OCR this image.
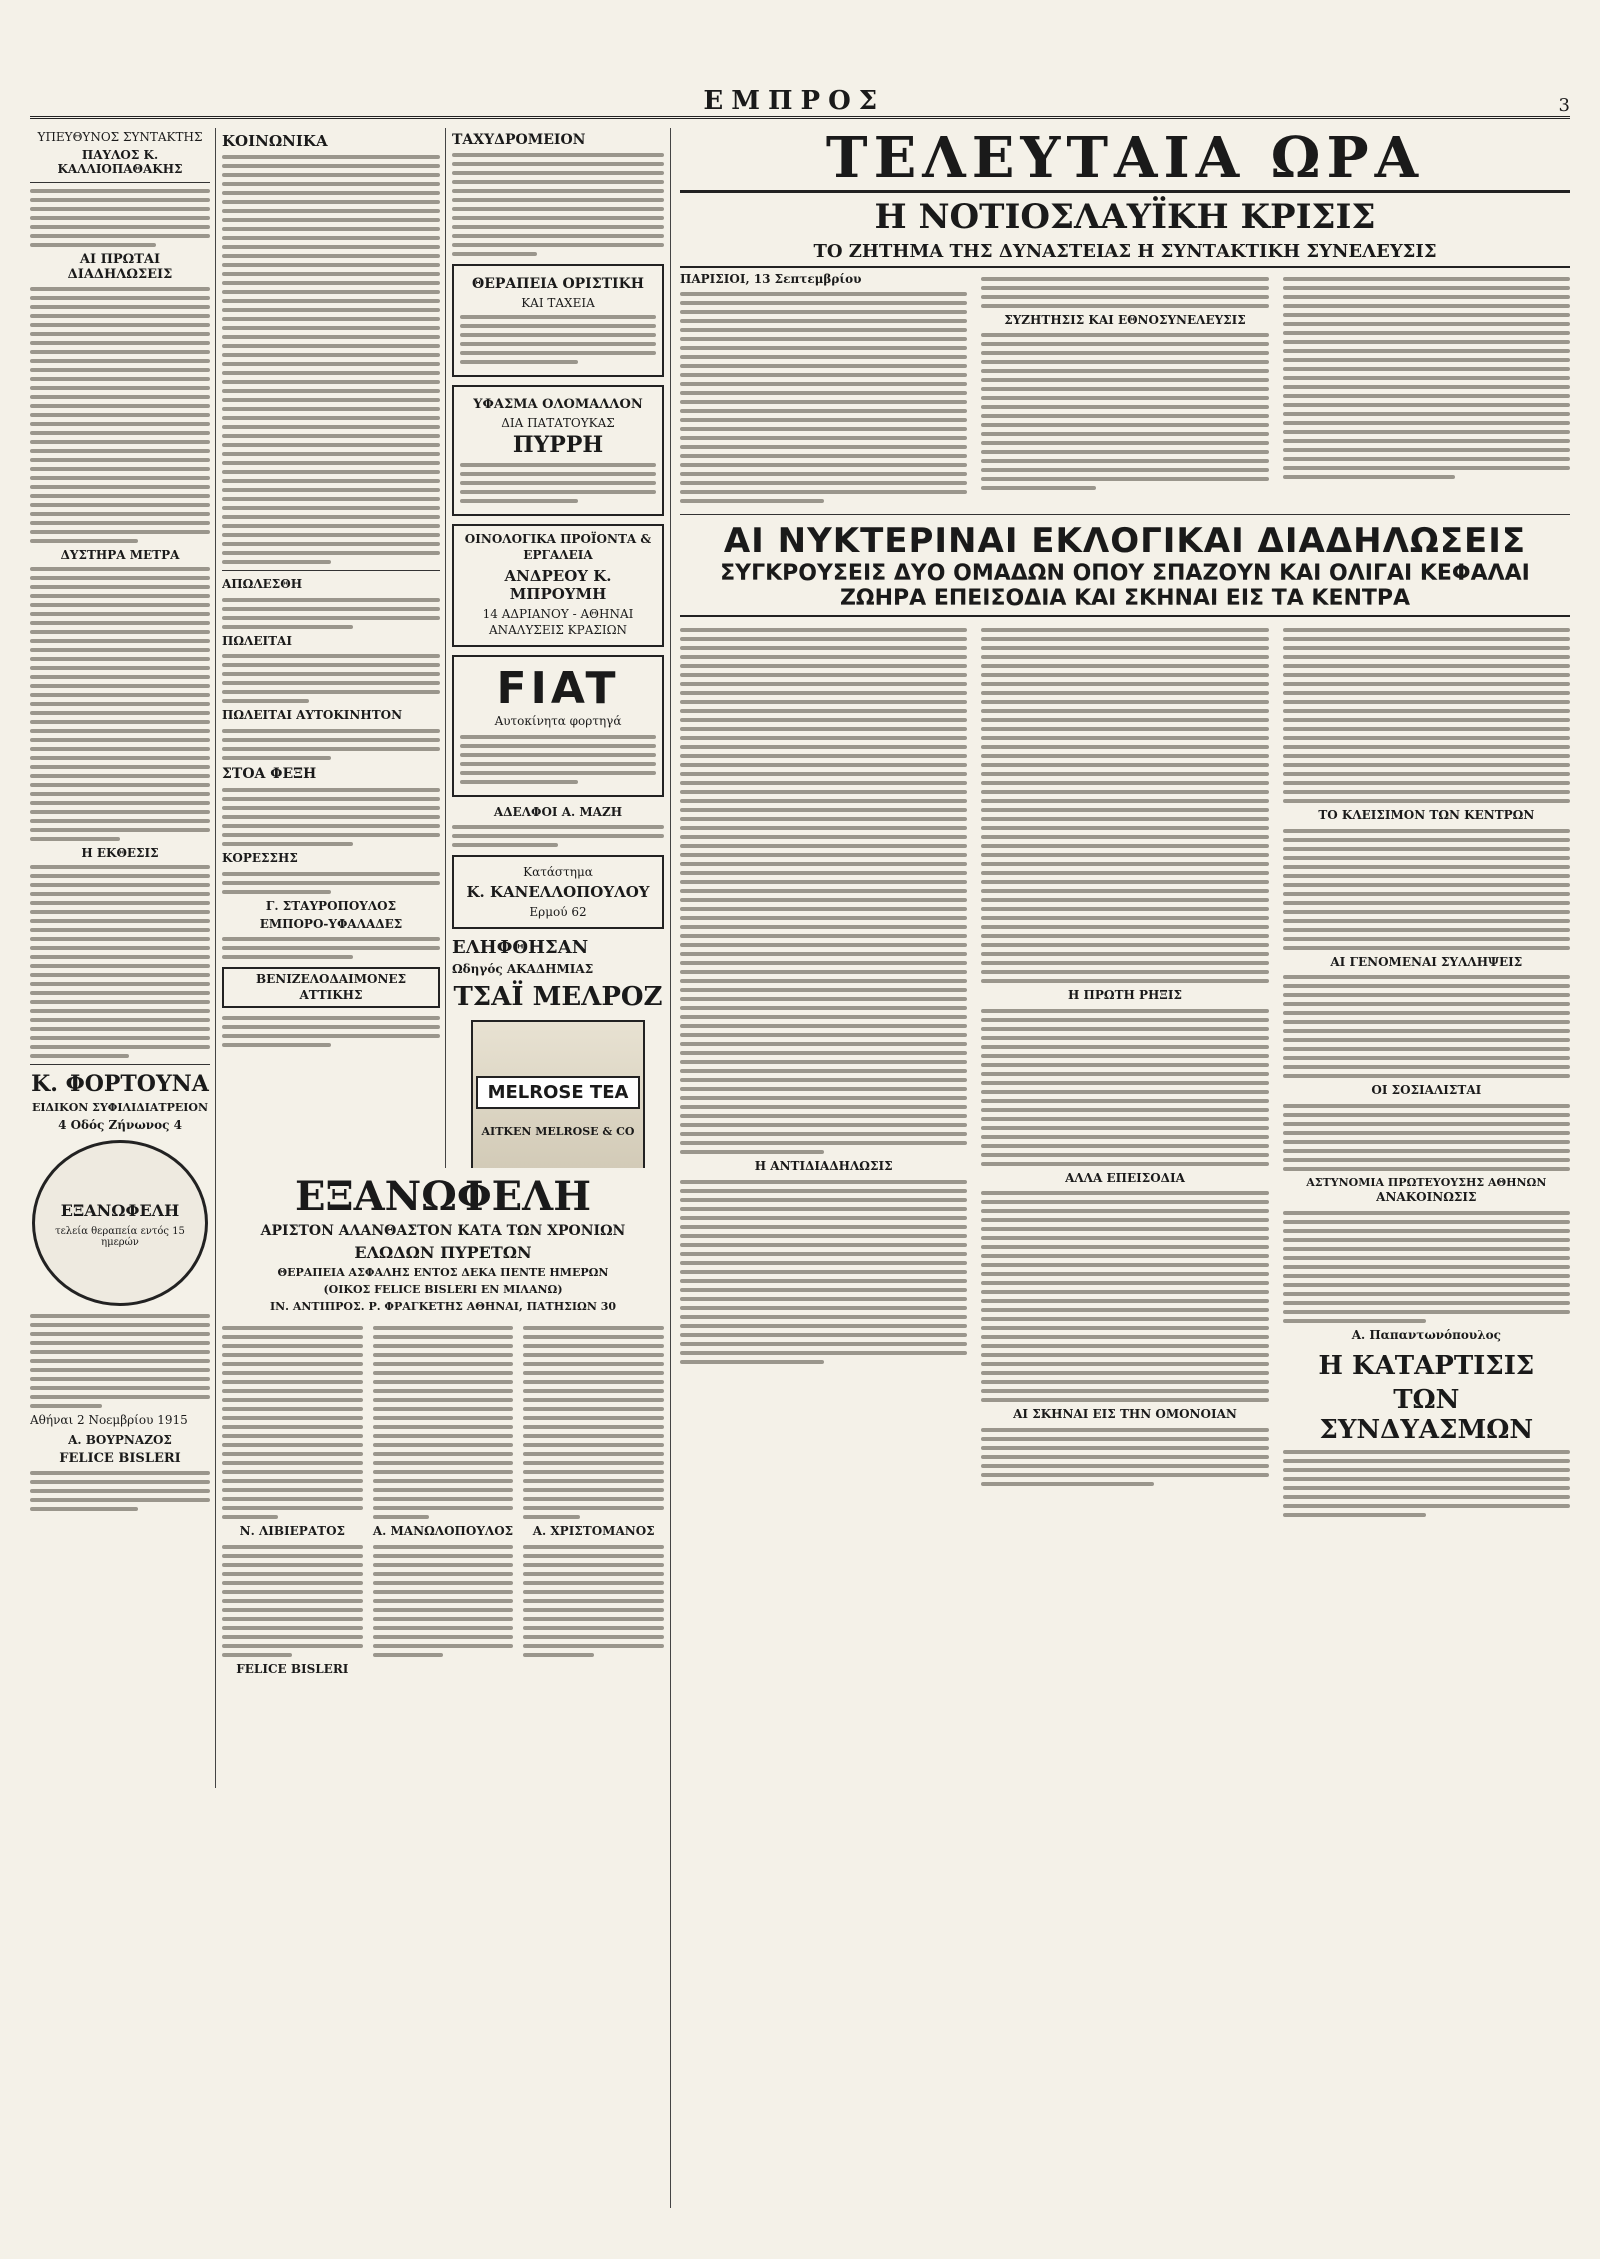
ΕΜΠΡΟΣ	3
ΥΠΕΥΘΥΝΟΣ ΣΥΝΤΑΚΤΗΣ
ΠΑΥΛΟΣ Κ. ΚΑΛΛΙΟΠΑΘΑΚΗΣ
ΑΙ ΠΡΩΤΑΙ ΔΙΑΔΗΛΩΣΕΙΣ
ΔΥΣΤΗΡΑ ΜΕΤΡΑ
Η ΕΚΘΕΣΙΣ
Κ. ΦΟΡΤΟΥΝΑ
ΕΙΔΙΚΟΝ ΣΥΦΙΛΙΔΙΑΤΡΕΙΟΝ
4 Οδός Ζήνωνος 4
ΕΞΑΝΩΦΕΛΗ
τελεία θεραπεία εντός 15 ημερών
Αθήναι 2 Νοεμβρίου 1915
Α. ΒΟΥΡΝΑΖΟΣ
FELICE BISLERI
ΚΟΙΝΩΝΙΚΑ
ΑΠΩΛΕΣΘΗ
ΠΩΛΕΙΤΑΙ
ΠΩΛΕΙΤΑΙ ΑΥΤΟΚΙΝΗΤΟΝ
ΣΤΟΑ ΦΕΞΗ
ΚΟΡΕΣΣΗΣ
Γ. ΣΤΑΥΡΟΠΟΥΛΟΣ
ΕΜΠΟΡΟ-ΥΦΑΛΑΔΕΣ
ΒΕΝΙΖΕΛΟΔΑΙΜΟΝΕΣ ΑΤΤΙΚΗΣ
ΤΑΧΥΔΡΟΜΕΙΟΝ
ΘΕΡΑΠΕΙΑ ΟΡΙΣΤΙΚΗ
ΚΑΙ ΤΑΧΕΙΑ
ΥΦΑΣΜΑ ΟΛΟΜΑΛΛΟΝ
ΔΙΑ ΠΑΤΑΤΟΥΚΑΣ
ΠΥΡΡΗ
ΟΙΝΟΛΟΓΙΚΑ ΠΡΟΪΟΝΤΑ & ΕΡΓΑΛΕΙΑ
ΑΝΔΡΕΟΥ Κ. ΜΠΡΟΥΜΗ
14 ΑΔΡΙΑΝΟΥ - ΑΘΗΝΑΙ
ΑΝΑΛΥΣΕΙΣ ΚΡΑΣΙΩΝ
FIAT
Αυτοκίνητα φορτηγά
ΑΔΕΛΦΟΙ Α. ΜΑΖΗ
Κατάστημα
Κ. ΚΑΝΕΛΛΟΠΟΥΛΟΥ
Ερμού 62
ΕΛΗΦΘΗΣΑΝ
Ωδηγός ΑΚΑΔΗΜΙΑΣ
ΤΣΑΪ ΜΕΛΡΟΖ
MELROSE TEA
AITKEN MELROSE & CO
ΕΞΑΝΩΦΕΛΗ
ΑΡΙΣΤΟΝ ΑΛΑΝΘΑΣΤΟΝ ΚΑΤΑ ΤΩΝ ΧΡΟΝΙΩΝ
ΕΛΩΔΩΝ ΠΥΡΕΤΩΝ
ΘΕΡΑΠΕΙΑ ΑΣΦΑΛΗΣ ΕΝΤΟΣ ΔΕΚΑ ΠΕΝΤΕ ΗΜΕΡΩΝ
(ΟΙΚΟΣ FELICE BISLERI ΕΝ ΜΙΛΑΝΩ)
ΙΝ. ΑΝΤΙΠΡΟΣ. Ρ. ΦΡΑΓΚΕΤΗΣ ΑΘΗΝΑΙ, ΠΑΤΗΣΙΩΝ 30
Ν. ΛΙΒΙΕΡΑΤΟΣ
FELICE BISLERI
Α. ΜΑΝΩΛΟΠΟΥΛΟΣ	Α. ΧΡΙΣΤΟΜΑΝΟΣ
ΤΕΛΕΥΤΑΙΑ ΩΡΑ
Η ΝΟΤΙΟΣΛΑΥΪΚΗ ΚΡΙΣΙΣ
ΤΟ ΖΗΤΗΜΑ ΤΗΣ ΔΥΝΑΣΤΕΙΑΣ Η ΣΥΝΤΑΚΤΙΚΗ ΣΥΝΕΛΕΥΣΙΣ
ΠΑΡΙΣΙΟΙ, 13 Σεπτεμβρίου
ΣΥΖΗΤΗΣΙΣ ΚΑΙ ΕΘΝΟΣΥΝΕΛΕΥΣΙΣ
ΑΙ ΝΥΚΤΕΡΙΝΑΙ ΕΚΛΟΓΙΚΑΙ ΔΙΑΔΗΛΩΣΕΙΣ
ΣΥΓΚΡΟΥΣΕΙΣ ΔΥΟ ΟΜΑΔΩΝ ΟΠΟΥ ΣΠΑΖΟΥΝ ΚΑΙ ΟΛΙΓΑΙ ΚΕΦΑΛΑΙ
ΖΩΗΡΑ ΕΠΕΙΣΟΔΙΑ ΚΑΙ ΣΚΗΝΑΙ ΕΙΣ ΤΑ ΚΕΝΤΡΑ
Η ΑΝΤΙΔΙΑΔΗΛΩΣΙΣ
Η ΠΡΩΤΗ ΡΗΞΙΣ
ΑΛΛΑ ΕΠΕΙΣΟΔΙΑ
ΑΙ ΣΚΗΝΑΙ ΕΙΣ ΤΗΝ ΟΜΟΝΟΙΑΝ
ΤΟ ΚΛΕΙΣΙΜΟΝ ΤΩΝ ΚΕΝΤΡΩΝ
ΑΙ ΓΕΝΟΜΕΝΑΙ ΣΥΛΛΗΨΕΙΣ
ΟΙ ΣΟΣΙΑΛΙΣΤΑΙ
ΑΣΤΥΝΟΜΙΑ ΠΡΩΤΕΥΟΥΣΗΣ ΑΘΗΝΩΝ
ΑΝΑΚΟΙΝΩΣΙΣ
Α. Παπαντωνόπουλος
Η ΚΑΤΑΡΤΙΣΙΣ
ΤΩΝ ΣΥΝΔΥΑΣΜΩΝ
